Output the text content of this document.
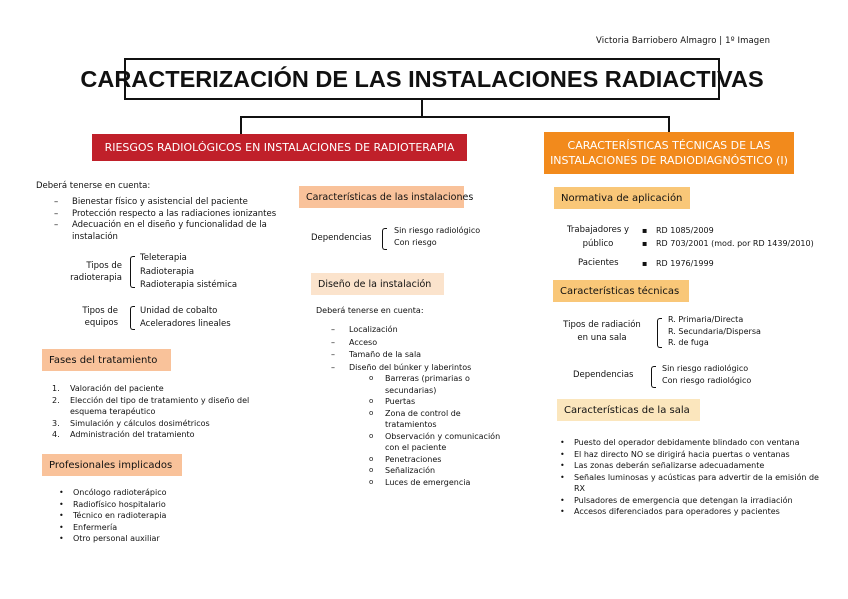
Victoria Barriobero Almagro | 1º Imagen
CARACTERIZACIÓN DE LAS INSTALACIONES RADIACTIVAS
RIESGOS RADIOLÓGICOS EN INSTALACIONES DE RADIOTERAPIA	CARACTERÍSTICAS TÉCNICAS DE LAS INSTALACIONES DE RADIODIAGNÓSTICO (I)
Deberá tenerse en cuenta:
– Bienestar físico y asistencial del paciente
– Protección respecto a las radiaciones ionizantes
– Adecuación en el diseño y funcionalidad de la instalación
Tipos de radioterapia
Teleterapia
Radioterapia
Radioterapia sistémica
Tipos de equipos
Unidad de cobalto
Aceleradores lineales
Fases del tratamiento
1. Valoración del paciente
2. Elección del tipo de tratamiento y diseño del esquema terapéutico
3. Simulación y cálculos dosimétricos
4. Administración del tratamiento
Profesionales implicados
• Oncólogo radioterápico
• Radiofísico hospitalario
• Técnico en radioterapia
• Enfermería
• Otro personal auxiliar
Características de las instalaciones
Dependencias
Sin riesgo radiológico
Con riesgo
Diseño de la instalación
Deberá tenerse en cuenta:
– Localización
– Acceso
– Tamaño de la sala
– Diseño del búnker y laberintos
o Barreras (primarias o secundarias)
o Puertas
o Zona de control de tratamientos
o Observación y comunicación con el paciente
o Penetraciones
o Señalización
o Luces de emergencia
Normativa de aplicación
Trabajadores y público
▪ RD 1085/2009
▪ RD 703/2001 (mod. por RD 1439/2010)
Pacientes
▪	RD 1976/1999
Características técnicas
Tipos de radiación en una sala
R. Primaria/Directa
R. Secundaria/Dispersa
R. de fuga
Dependencias
Sin riesgo radiológico
Con riesgo radiológico
Características de la sala
• Puesto del operador debidamente blindado con ventana
• El haz directo NO se dirigirá hacia puertas o ventanas
• Las zonas deberán señalizarse adecuadamente
• Señales luminosas y acústicas para advertir de la emisión de RX
• Pulsadores de emergencia que detengan la irradiación
• Accesos diferenciados para operadores y pacientes
